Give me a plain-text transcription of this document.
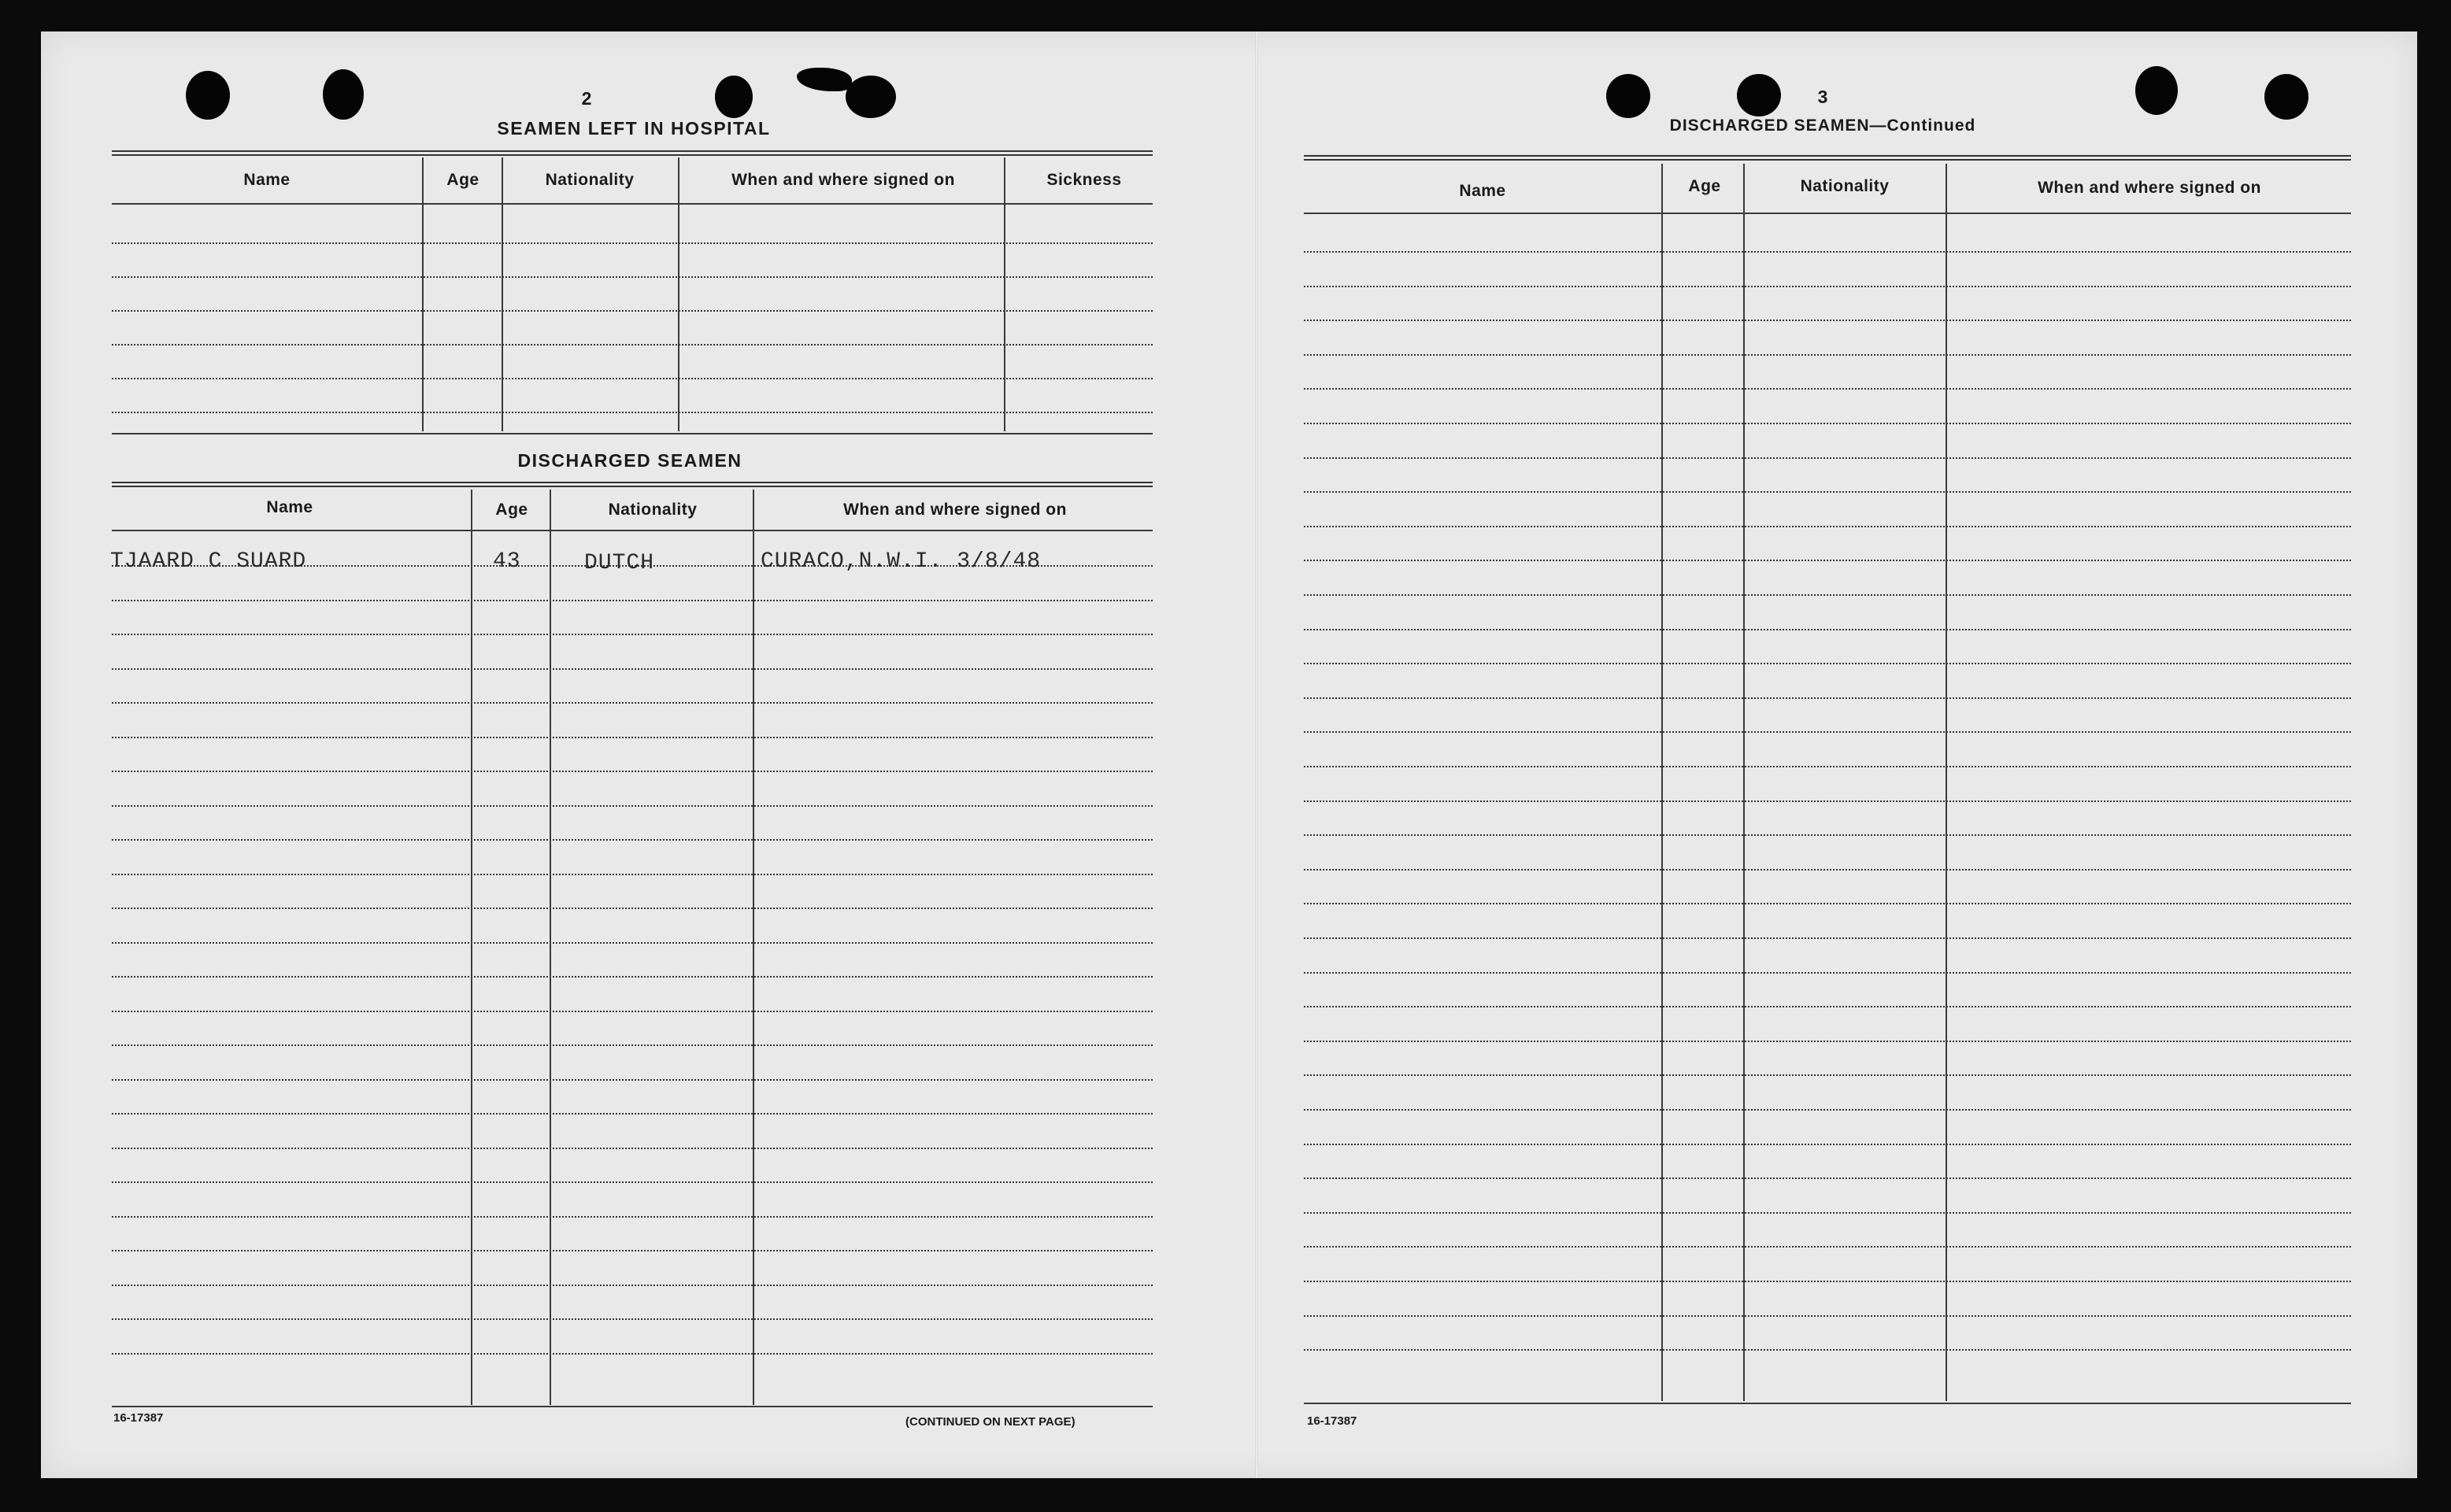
2
SEAMEN LEFT IN HOSPITAL
Name	Age	Nationality	When and where signed on	Sickness
DISCHARGED SEAMEN
Name	Age	Nationality	When and where signed on
TJAARD C SUARD	43	DUTCH	CURACO,N.W.I. 3/8/48
16-17387	(CONTINUED ON NEXT PAGE)
3
DISCHARGED SEAMEN—Continued
Name	Age	Nationality	When and where signed on
16-17387
